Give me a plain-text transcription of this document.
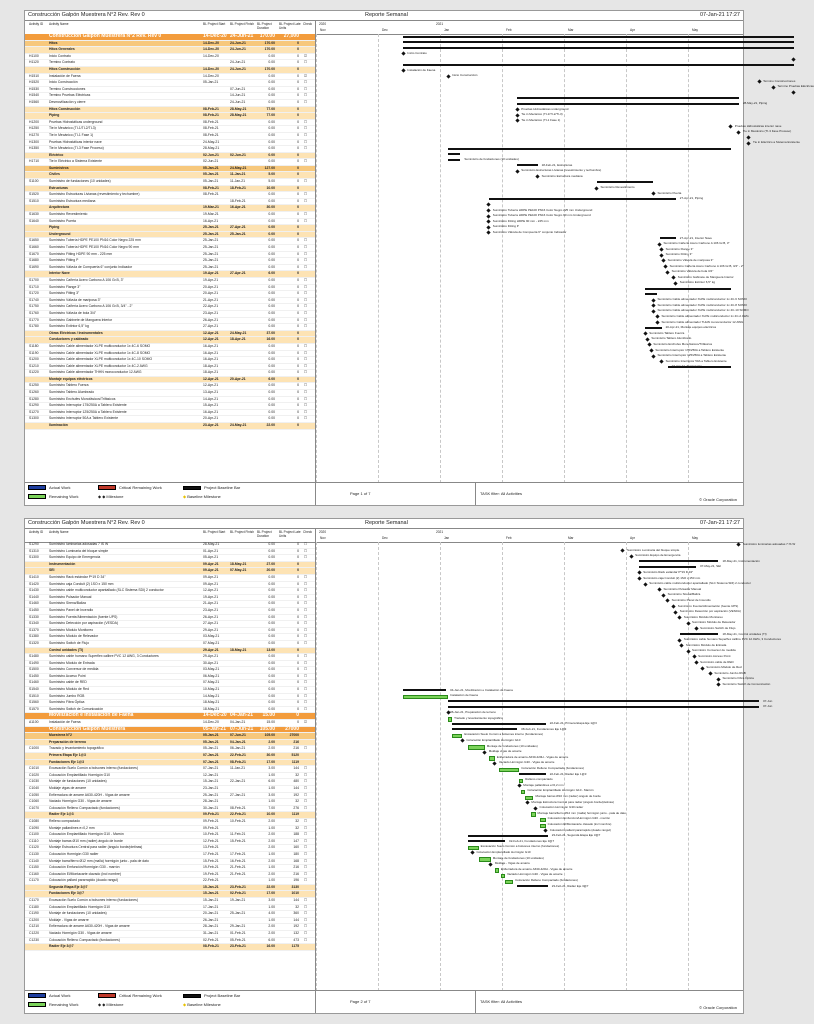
Construcción Galpón Muestrera N°2 Rev. Rev 0	Reporte Semanal	07-Jan-21 17:27
Activity ID Activity Name	BL Project Start	BL Project Finish BL Project Duration
BL Project Late Units
Check 2020	2021
Nov	Dec	Jan	Feb	Mar	Apr	May
Construcción Galpón Muestrera N°2 Rev. Rev 0	14-Dec-20 24-Jun-21	170.00	27,000
Hitos	14-Dec-20	24-Jun-21	170.00	0
Hitos Generales	14-Dec-20	24-Jun-21	170.00	0
H1100	Inicio Contrato	14-Dec-20	0.00	0 ☑
H1120	Termino Contrato	24-Jun-21	0.00	0 ☐
Hitos Construcción	14-Dec-20	24-Jun-21	170.00	0
H1510	Instalación de Faena	14-Dec-20	0.00	0 ☑
H1520	Inicio Construcción	05-Jan-21	0.00	0 ☐
H1530	Termino Construcciones	07-Jun-21	0.00	0 ☐
H1540	Termino Pruebas Eléctricas	14-Jun-21	0.00	0 ☐
H1560	Desmovilización y cierre	24-Jun-21	0.00	0 ☐
Hitos Construcción	08-Feb-21	28-May-21	77.00	0
Piping	08-Feb-21	28-May-21	77.00	0
H1200	Pruebas Hidrostáticas underground	08-Feb-21	0.00	0 ☐
H1250	Tie in Mecánico (TI-1/TI-2/TI-3)	08-Feb-21	0.00	0 ☐
H1270	Tie in Mecánico (TI-1 Fase 1)	08-Feb-21	0.00	0 ☐
H1300	Pruebas Hidrostáticas interior nave	24-May-21	0.00	0 ☐
H1350	Tie in Mecánico (TI-3 Fase Proceso)	28-May-21	0.00	0 ☐
Eléctrico	02-Jun-21	02-Jun-21	0.00	0
H1710	Tie in Eléctrico a Sistema Existente	02-Jun-21	0.00	0 ☐
Suministros	05-Jan-21	24-May-21	127.00	0
Civiles	05-Jan-21	11-Jan-21	5.00	0
S1100	Suministro de fundaciones (10 unidades)	05-Jan-21	11-Jan-21	5.00	0 ☐
Estructuras	08-Feb-21	18-Feb-21	10.00	0
S1520	Suministro Estructuras Livianas (revestimiento y techumbre)	08-Feb-21	0.00	0 ☐
S1510	Suministro Estructura mediana	18-Feb-21	0.00	0 ☐
Arquitectura	19-Mar-21	16-Apr-21	30.00	0
S1630	Suministro Revestimiento	19-Mar-21	0.00	0 ☐
S1640	Suministro Puerta	16-Apr-21	0.00	0 ☐
Piping	25-Jan-21	27-Apr-21	0.00	0
Underground	25-Jan-21	25-Jan-21	0.00	0
S1650	Suministro Tubería HDPE PE100 PN16 Color Negro 225 mm	25-Jan-21	0.00	0 ☐
S1660	Suministro Tubería HDPE PE100 PN16 Color Negro 90 mm	25-Jan-21	0.00	0 ☐
S1670	Suministro Fitting HDPE 90 mm - 225 mm	25-Jan-21	0.00	0 ☐
S1680	Suministro Fitting P	25-Jan-21	0.00	0 ☐
S1690	Suministro Válvula de Compuerta 6" conjunto Indicador	25-Jan-21	0.00	0 ☐
Interior Nave	19-Apr-21	27-Apr-21	6.00	0
S1700	Suministro Cañería Acero Carbono A 106 Gr.B, 3"	19-Apr-21	0.00	0 ☐
S1710	Suministro Flange 3"	20-Apr-21	0.00	0 ☐
S1720	Suministro Fitting 3"	20-Apr-21	0.00	0 ☐
S1740	Suministro Válvula de mariposa 3"	21-Apr-21	0.00	0 ☐
S1750	Suministro Cañería Acero Carbono A 106 Gr.B, 3/4" - 2"	22-Apr-21	0.00	0 ☐
S1760	Suministro Válvula de bola 3/4"	23-Apr-21	0.00	0 ☐
S1770	Suministro Gabinete de Manguera Interior	26-Apr-21	0.00	0 ☐
S1780	Suministro Extintor 6,5" kg	27-Apr-21	0.00	0 ☐
Obras Eléctricas / Instrumentales	12-Apr-21	24-May-21	37.00	0
Conductores y cableado	12-Apr-21	18-Apr-21	16.00	0
S1180	Suministro Cable alimentador XLPE multiconductor 1x 4C-6 SOMO	16-Apr-21	0.00	0 ☐
S1190	Suministro Cable alimentador XLPE multiconductor 1x 4C-8 SOMO	16-Apr-21	0.00	0 ☐
S1200	Suministro Cable alimentador XLPE multiconductor 1x 4C-10 SOMO	16-Apr-21	0.00	0 ☐
S1210	Suministro Cable alimentador XLPE multiconductor 1x 4C-2 AWG	18-Apr-21	0.00	0 ☐
S1220	Suministro Cable alimentador THHN monoconductor 12 AWG	18-Apr-21	0.00	0 ☐
Montaje equipos eléctricos	12-Apr-21	20-Apr-21	6.00	0
S1250	Suministro Tablero Fuerza	12-Apr-21	0.00	0 ☐
S1260	Suministro Tablero Alumbrado	13-Apr-21	0.00	0 ☐
S1280	Suministro Enchufes Monofásicos/Trifásicos	14-Apr-21	0.00	0 ☐
S1290	Suministro Interruptor 175/250A a Tablero Existente	15-Apr-21	0.00	0 ☐
S1270	Suministro Interruptor 125/250A a Tablero Existente	16-Apr-21	0.00	0 ☐
S1300	Suministro Interruptor 50A a Tablero Existente	20-Apr-21	0.00	0 ☐
Iluminación	23-Apr-21	24-May-21	22.00	0
Inicio Contrato
Instalación de Faena
Inicio Construcción
Termino Construcciones
Termino Pruebas Eléctricas
28-May-21, Piping
Pruebas Hidrostáticas underground
Tie in Mecánico (TI-1/TI-2/TI-3)
Tie in Mecánico (TI-1 Fase 1)
Pruebas Hidrostáticas interior nave
Tie in Mecánico (TI-3 Fase Proceso)
Tie in Eléctrico a Sistema Existente
Suministro de fundaciones (10 unidades)
18-Feb-21, Estructuras
Suministro Estructuras Livianas (revestimiento y techumbre)
Suministro Estructura mediana
Suministro Revestimiento
Suministro Puerta
27-Apr-21, Piping
Suministro Tubería HDPE PE100 PN16 Color Negro 225 mm Underground
Suministro Tubería HDPE PE100 PN16 Color Negro 90 mm Underground
Suministro Fitting HDPE 90 mm - 225 mm
Suministro Fitting P
Suministro Válvula de Compuerta 6" conjunto Indicador
27-Apr-21, Interior Nave
Suministro Cañería Acero Carbono A 106 Gr.B, 3"
Suministro Flange 3"
Suministro Fitting 3"
Suministro Válvula de mariposa 3"
Suministro Cañería Acero Carbono A 106 Gr.B, 3/4" - 2"
Suministro Válvula de bola 3/4"
Suministro Gabinete de Manguera Interior
Suministro Extintor 6,5" kg
Suministro Cable alimentador XLPE multiconductor 1x 4C-6 SOMO
Suministro Cable alimentador XLPE multiconductor 1x 4C-8 SOMO
Suministro Cable alimentador XLPE multiconductor 1x 4C-10 SOMO
Suministro Cable alimentador XLPE multiconductor 1x 4C-2 AWG
Suministro Cable alimentador THHN monoconductor 12 AWG
20-Apr-21, Montaje equipos eléctricos
Suministro Tablero Fuerza
Suministro Tablero Alumbrado
Suministro Enchufes Monofásicos/Trifásicos
Suministro Interruptor 175/250A a Tablero Existente
Suministro Interruptor 125/250A a Tablero Existente
Suministro Interruptor 50A a Tablero Existente
23-Apr-21, Iluminación
Actual Work
Remaining Work
Critical Remaining Work
◆ ◆ Milestone
Project Baseline Bar
◆ Baseline Milestone
Page 1 of 7	TASK filter: All Activities
© Oracle Corporation
Construcción Galpón Muestrera N°2 Rev. Rev 0	Reporte Semanal	07-Jan-21 17:27
Activity ID Activity Name	BL Project Start	BL Project Finish BL Project Duration
BL Project Late Units
Check 2020	2021
Nov	Dec	Jan	Feb	Mar	Apr	May
S1290	Suministro luminarias adosadas 7 IS W	28-May-21	0.00	0 ☐
S1310	Suministro Luminaria del bloque simple	01-Apr-21	0.00	0 ☐
S1300	Suministro Equipo de Emergencia	05-Apr-21	0.00	0 ☐
Instrumentación	09-Apr-21	18-May-21	27.00	0
SEI	09-Apr-21	07-May-21	20.00	0
S1410	Suministro Rack estándar P*19 D 34"	09-Apr-21	0.00	0 ☐
S1420	Suministro caja Conduit (2) 1SO x 150 mm	09-Apr-21	0.00	0 ☐
S1430	Suministro cable multiconductor apantallado (SLC Sistema SDI) 2 conductor	12-Apr-21	0.00	0 ☐
S1440	Suministro Pulsador Manual	19-Apr-21	0.00	0 ☐
S1460	Suministro Sirena/Baliza	21-Apr-21	0.00	0 ☐
S1450	Suministro Panel de Incendio	23-Apr-21	0.00	0 ☐
S1330	Suministro Fuente/Alimentación (fuente UPS)	26-Apr-21	0.00	0 ☐
S1340	Suministro Detección por aspiración (VESDA)	27-Apr-21	0.00	0 ☐
S1370	Suministro Módulo Monitoreo	29-Apr-21	0.00	0 ☐
S1380	Suministro Módulo de Relevador	03-May-21	0.00	0 ☐
S1320	Suministro Switch de Flujo	07-May-21	0.00	0 ☐
Control unidades (TI)	29-Apr-21	18-May-21	13.00	0
S1480	Suministro cable humano Superflex calibre PVC 12 AWG, 3 Conductores	29-Apr-21	0.00	0 ☐
S1490	Suministro Módulo de Entrada	30-Apr-21	0.00	0 ☐
S1500	Suministro Conversor de medida	03-May-21	0.00	0 ☐
S1450	Suministro Acceso Point	06-May-21	0.00	0 ☐
S1460	Suministro cable de RED	07-May-21	0.00	0 ☐
S1540	Suministro Módulo de Red	10-May-21	0.00	0 ☐
S1510	Suministro Jumbo RGB	14-May-21	0.00	0 ☐
S1560	Suministro Fibra Óptica	18-May-21	0.00	0 ☐
S1570	Suministro Switch de Comunicación	18-May-21	0.00	0 ☐
Movilización e Instalación de Faena	14-Dec-20 04-Jan-21	15.00	0
A1100	Instalación de Faena	14-Dec-20	04-Jan-21	15.00	0 ☑
Construcción Galpón Muestrera	05-Jan-21 07-Jun-21	105.00	27000
Muestrera N°2	05-Jan-21	07-Jun-21	105.00	27000
Preparación de terreno	05-Jan-21	04-Jan-21	2.00	216
C1000	Trazado y levantamiento topográfico	05-Jan-21	06-Jan-21	2.00	216 ☐
Primera Etapa Eje 1@3	07-Jan-21	22-Feb-21	30.00	5120
Fundaciones Eje 1@3	07-Jan-21	08-Feb-21	17.00	1119
C1010	Excavación Suelo Común a bolsones interno (fundaciones)	07-Jan-21	11-Jan-21	3.00	144 ☐
C1020	Colocación Emplantillado Hormigón G10	12-Jan-21	1.00	32 ☐
C1030	Montaje de fundaciones (10 unidades)	15-Jan-21	22-Jan-21	6.00	480 ☐
C1040	Moldaje vigas de amarre	23-Jan-21	1.00	144 ☐
C1050	Enfierradura de amarre A630-420H - Vigas de amarre	25-Jan-21	27-Jan-21	3.00	192 ☐
C1060	Vaciado Hormigón G30 - Vigas de amarre	28-Jan-21	1.00	32 ☐
C1070	Colocación Relleno Compactado (fundaciones)	30-Jan-21	08-Feb-21	7.00	276 ☐
Radier Eje 1@3	09-Feb-21	22-Feb-21	10.00	1119
C1080	Relleno compactado	09-Feb-21	10-Feb-21	2.00	32 ☐
C1090	Montaje pallardines e=0,2 mm	09-Feb-21	1.00	32 ☐
C1100	Colocación Emplantillado Hormigón G10 - Marrón	10-Feb-21	11-Feb-21	2.00	188 ☐
C1110	Montaje barras Ø10 mm (radier) ángulo de borde	12-Feb-21	15-Feb-21	2.00	147 ☐
C1120	Montaje Estructura Central para radier (ángulo borde/pletinas)	13-Feb-21	2.00	160 ☐
C1130	Colocación Hormigón G30 radier	17-Feb-21	17-Feb-21	1.00	180 ☐
C1140	Montaje barra/fierro Ø12 mm (malla) hormigón junto - pala de dato	15-Feb-21	16-Feb-21	2.00	168 ☐
C1150	Colocación Emfunción/Hormigón G30 - marrón	19-Feb-21	21-Feb-21	1.00	216 ☐
C1160	Colocación El/Montacarte clavado (incl nombre)	19-Feb-21	21-Feb-21	2.00	216 ☐
C1170	Colocación pallard pararrapido (duado rangul)	22-Feb-21	1.00	196 ☐
Segunda Etapa Eje 3@7	15-Jan-21	23-Feb-21	22.00	3130
Fundaciones Eje 3@7	15-Jan-21	02-Feb-21	17.00	1010
C1170	Excavación Suelo Común a bolsones interno (fundaciones)	15-Jan-21	19-Jan-21	3.00	144 ☐
C1180	Colocación Emplantillado Hormigón G10	17-Jan-21	1.00	32 ☐
C1190	Montaje de fundaciones (10 unidades)	20-Jan-21	25-Jan-21	4.00	360 ☐
C1200	Moldaje - Vigas de amarre	26-Jan-21	1.00	144 ☐
C1210	Enfierradura de amarre A630-420H - Vigas de amarre	28-Jan-21	29-Jan-21	2.00	192 ☐
C1220	Vaciado Hormigón G30 - Vigas de amarre	31-Jan-21	01-Feb-21	2.00	132 ☐
C1230	Colocación Relleno Compactado (fundaciones)	02-Feb-21	05-Feb-21	6.00	473 ☐
Radier Eje 3@7	08-Feb-21	23-Feb-21	16.00	1175
Suministro luminarias adosadas 7 IS W
Suministro Luminaria del bloque simple
Suministro Equipo de Emergencia
18-May-21, Instrumentación
07-May-21, SEI
Suministro Rack estándar P*19 D 34"
Suministro caja Conduit (2) 1SO x 150 mm
Suministro cable multiconductor apantallado (SLC Sistema SDI) 2 conductor
Suministro Pulsador Manual
Suministro Sirena/Baliza
Suministro Panel de Incendio
Suministro Fuente/Alimentación (fuente UPS)
Suministro Detección por aspiración (VESDA)
Suministro Módulo Monitoreo
Suministro Módulo de Relevador
Suministro Switch de Flujo
18-May-21, Control unidades (TI)
Suministro cable humano Superflex calibre PVC 12 AWG, 3 Conductores
Suministro Módulo de Entrada
Suministro Conversor de medida
Suministro Acceso Point
Suministro cable de RED
Suministro Módulo de Red
Suministro Jumbo RGB
Suministro Fibra Óptica
Suministro Switch de Comunicación
04-Jan-21, Movilización e Instalación de Faena
Instalación de Faena
07-Jun
07-Jun
06-Jan-21, Preparación de terreno
Trazado y levantamiento topográfico
22-Feb-21, Primera Etapa Eje 1@3
08-Feb-21, Fundaciones Eje 1@3
Excavación Suelo Común a bolsones interno (fundaciones)
Colocación Emplantillado Hormigón G10
Montaje de fundaciones (10 unidades)
Moldaje vigas de amarre
Enfierradura de amarre A630-420H - Vigas de amarre
Vaciado Hormigón G30 - Vigas de amarre
Colocación Relleno Compactado (fundaciones)
22-Feb-21, Radier Eje 1@3
Relleno compactado
Montaje pallardines e=0,2 mm
Colocación Emplantillado Hormigón G10 - Marrón
Montaje barras Ø10 mm (radier) ángulo de borde
Montaje Estructura Central para radier (ángulo borde/pletinas)
Colocación Hormigón G30 radier
Montaje barra/fierro Ø12 mm (malla) hormigón junto - pala de dato
Colocación Emfunción/Hormigón G30 - marrón
Colocación El/Montacarte clavado (incl nombre)
Colocación pallard pararrapido (duado rangul)
23-Feb-21, Segunda Etapa Eje 3@7
02-Feb-21, Fundaciones Eje 3@7
Excavación Suelo Común a bolsones interno (fundaciones)
Colocación Emplantillado Hormigón G10
Montaje de fundaciones (10 unidades)
Moldaje - Vigas de amarre
Enfierradura de amarre A630-420H - Vigas de amarre
Vaciado Hormigón G30 - Vigas de amarre
Colocación Relleno Compactado (fundaciones)
23-Feb-21, Radier Eje 3@7
Actual Work
Remaining Work
Critical Remaining Work
◆ ◆ Milestone
Project Baseline Bar
◆ Baseline Milestone
Page 2 of 7	TASK filter: All Activities
© Oracle Corporation
